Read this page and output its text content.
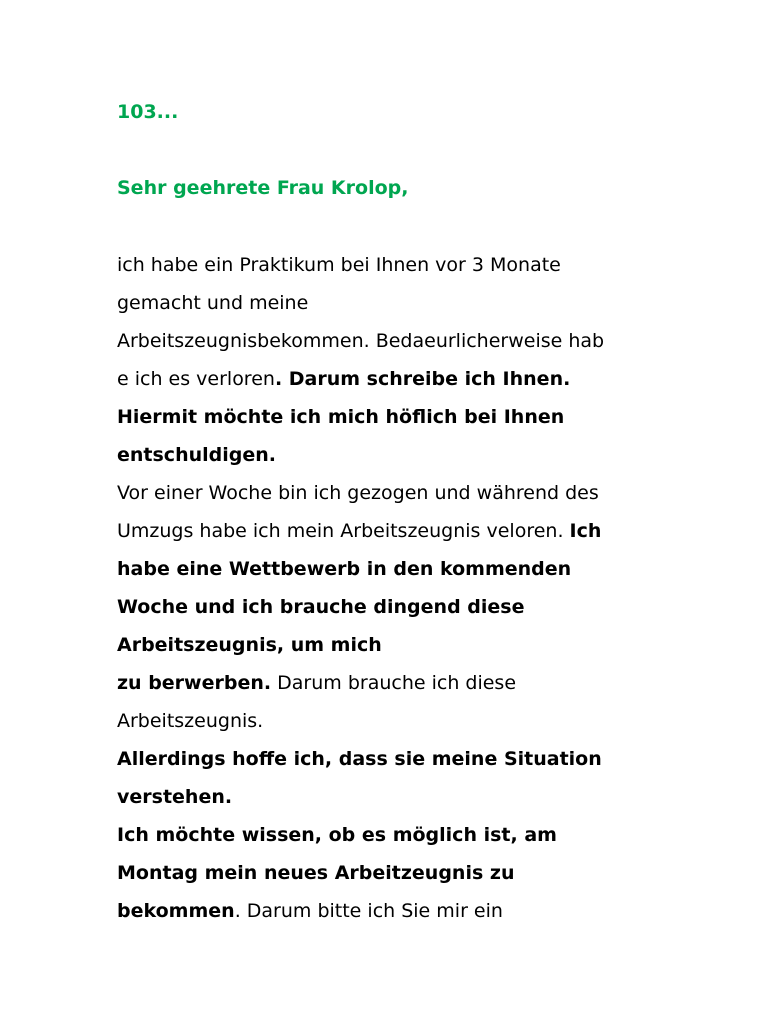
103...
Sehr geehrete Frau Krolop,
ich habe ein Praktikum bei Ihnen vor 3 Monate
gemacht und meine
Arbeitszeugnisbekommen. Bedaeurlicherweise hab
e ich es verloren. Darum schreibe ich Ihnen.
Hiermit möchte ich mich höflich bei Ihnen
entschuldigen.
Vor einer Woche bin ich gezogen und während des
Umzugs habe ich mein Arbeitszeugnis veloren. Ich
habe eine Wettbewerb in den kommenden
Woche und ich brauche dingend diese
Arbeitszeugnis, um mich
zu berwerben. Darum brauche ich diese
Arbeitszeugnis.
Allerdings hoffe ich, dass sie meine Situation
verstehen.
Ich möchte wissen, ob es möglich ist, am
Montag mein neues Arbeitzeugnis zu
bekommen. Darum bitte ich Sie mir ein
